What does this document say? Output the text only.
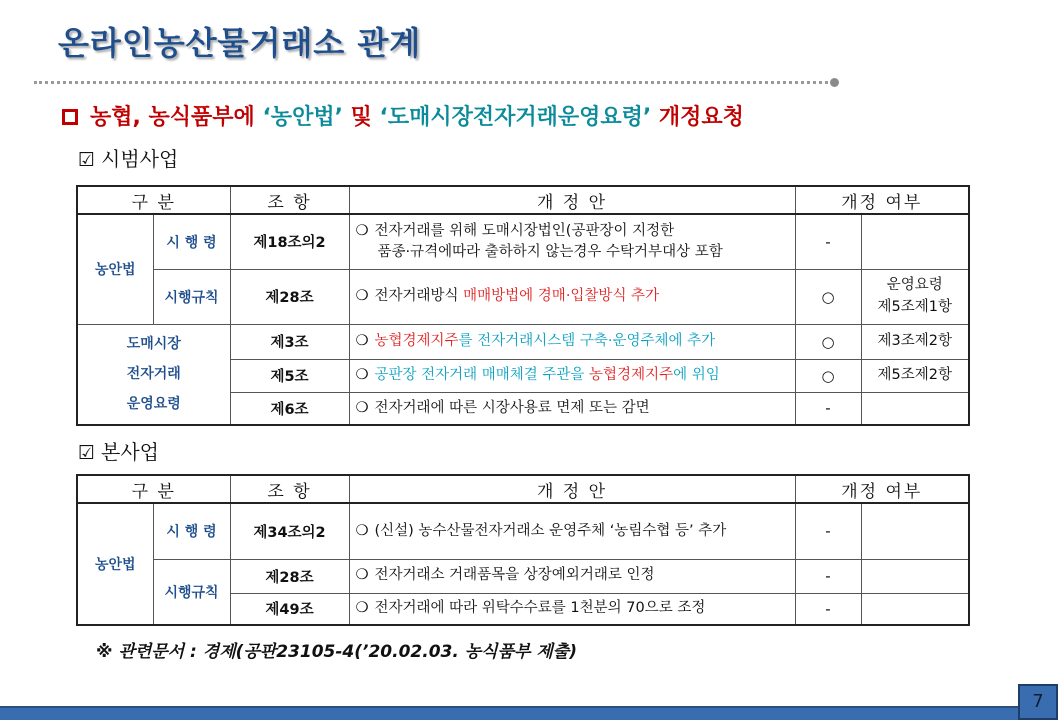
온라인농산물거래소 관계
농협, 농식품부에 ‘농안법’ 및 ‘도매시장전자거래운영요령’ 개정요청
☑ 시범사업
구 분		조 항	개 정 안	개정 여부	
농안법	시 행 령	제18조의2	❍ 전자거래를 위해 도매시장법인(공판장이 지정한
품종·규격에따라 출하하지 않는경우 수탁거부대상 포함	-	
	시행규칙	제28조	❍ 전자거래방식 매매방법에 경매·입찰방식 추가	○	운영요령
제5조제1항
도매시장
전자거래
운영요령		제3조	❍ 농협경제지주를 전자거래시스템 구축·운영주체에 추가	○	제3조제2항
		제5조	❍ 공판장 전자거래 매매체결 주관을 농협경제지주에 위임	○	제5조제2항
		제6조	❍ 전자거래에 따른 시장사용료 면제 또는 감면	-	
☑ 본사업
구 분		조 항	개 정 안	개정 여부	
농안법	시 행 령	제34조의2	❍ (신설) 농수산물전자거래소 운영주체 ‘농림수협 등’ 추가	-	
	시행규칙	제28조	❍ 전자거래소 거래품목을 상장예외거래로 인정	-	
		제49조	❍ 전자거래에 따라 위탁수수료를 1천분의 70으로 조정	-	
※ 관련문서 : 경제(공판23105-4(’20.02.03. 농식품부 제출)
7
